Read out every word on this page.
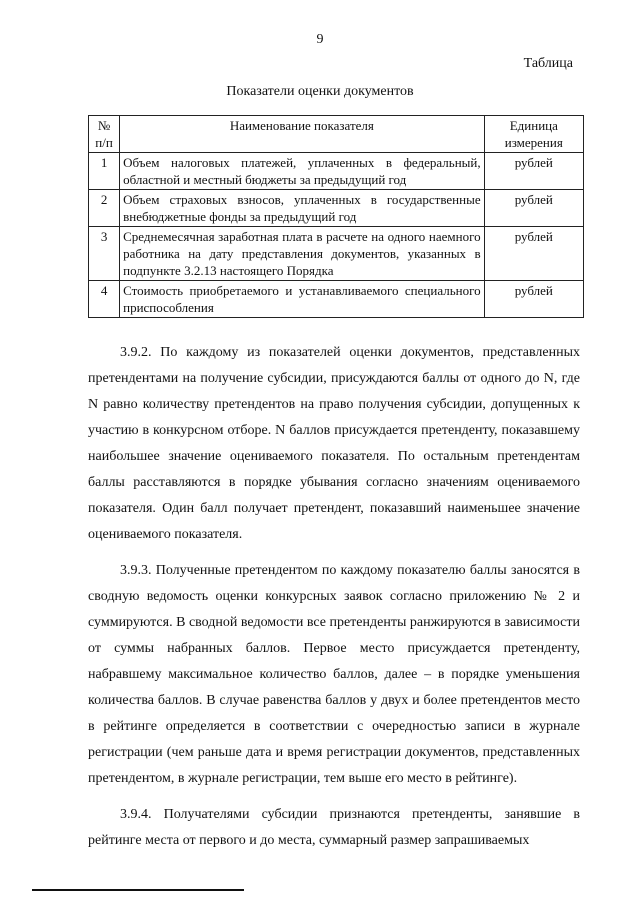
9
Таблица
Показатели оценки документов
№ п/п	Наименование показателя	Единица измерения
1	Объем налоговых платежей, уплаченных в федеральный, областной и местный бюджеты за предыдущий год	рублей
2	Объем страховых взносов, уплаченных в государственные внебюджетные фонды за предыдущий год	рублей
3	Среднемесячная заработная плата в расчете на одного наемного работника на дату представления документов, указанных в подпункте 3.2.13 настоящего Порядка	рублей
4	Стоимость приобретаемого и устанавливаемого специального приспособления	рублей

3.9.2. По каждому из показателей оценки документов, представленных претендентами на получение субсидии, присуждаются баллы от одного до N, где N равно количеству претендентов на право получения субсидии, допущенных к участию в конкурсном отборе. N баллов присуждается претенденту, показавшему наибольшее значение оцениваемого показателя. По остальным претендентам баллы расставляются в порядке убывания согласно значениям оцениваемого показателя. Один балл получает претендент, показавший наименьшее значение оцениваемого показателя.

3.9.3. Полученные претендентом по каждому показателю баллы заносятся в сводную ведомость оценки конкурсных заявок согласно приложению № 2 и суммируются. В сводной ведомости все претенденты ранжируются в зависимости от суммы набранных баллов. Первое место присуждается претенденту, набравшему максимальное количество баллов, далее – в порядке уменьшения количества баллов. В случае равенства баллов у двух и более претендентов место в рейтинге определяется в соответствии с очередностью записи в журнале регистрации (чем раньше дата и время регистрации документов, представленных претендентом, в журнале регистрации, тем выше его место в рейтинге).

3.9.4. Получателями субсидии признаются претенденты, занявшие в рейтинге места от первого и до места, суммарный размер запрашиваемых
